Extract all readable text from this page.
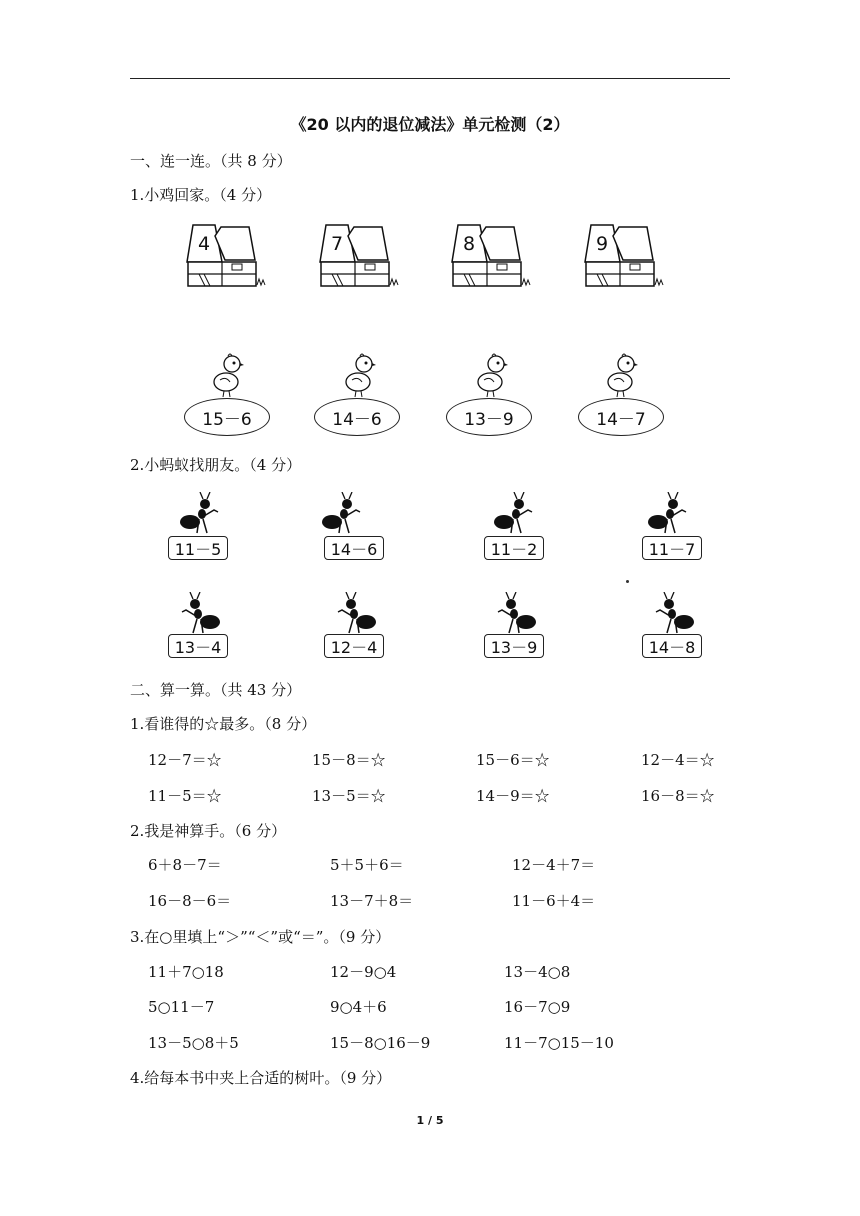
《20 以内的退位减法》单元检测（2）
一、连一连。（共 8 分）
1.小鸡回家。（4 分）
4	7	8	9
15－6	14－6	13－9	14－7
2.小蚂蚁找朋友。（4 分）
11－5	14－6	11－2	11－7
13－4	12－4	13－9	14－8
二、算一算。（共 43 分）
1.看谁得的☆最多。（8 分）
12－7＝☆	15－8＝☆	15－6＝☆	12－4＝☆
11－5＝☆	13－5＝☆	14－9＝☆	16－8＝☆
2.我是神算手。（6 分）
6＋8－7＝	5＋5＋6＝	12－4＋7＝
16－8－6＝	13－7＋8＝	11－6＋4＝
3.在○里填上“＞”“＜”或“＝”。（9 分）
11＋7○18	12－9○4	13－4○8
5○11－7	9○4＋6	16－7○9
13－5○8＋5	15－8○16－9	11－7○15－10
4.给每本书中夹上合适的树叶。（9 分）
1 / 5
